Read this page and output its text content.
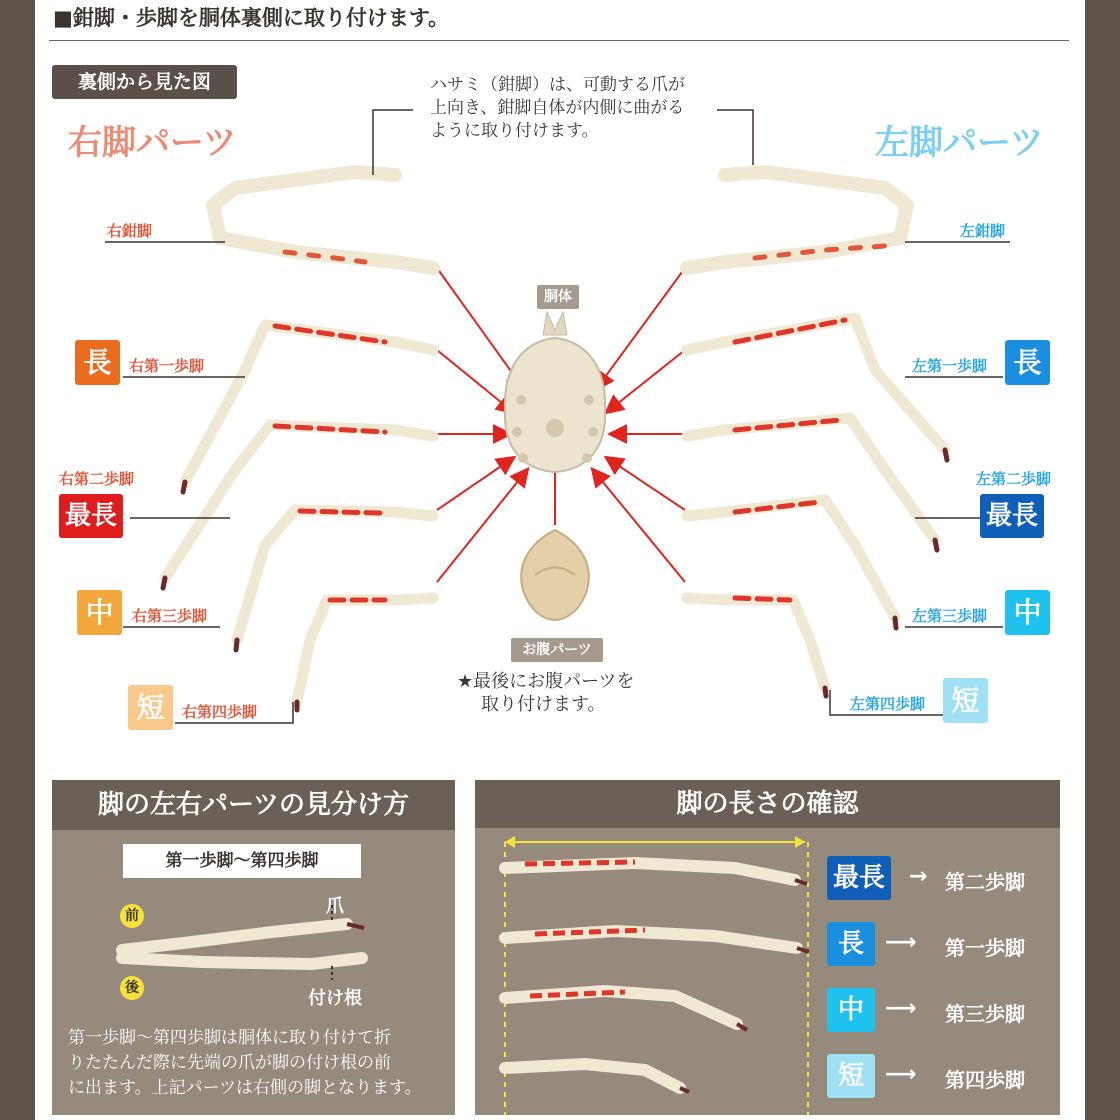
■鉗脚・歩脚を胴体裏側に取り付けます。
裏側から見た図
右脚パーツ	左脚パーツ
ハサミ（鉗脚）は、可動する爪が
上向き、鉗脚自体が内側に曲がる
ように取り付けます。
胴体
お腹パーツ
★最後にお腹パーツを
取り付けます。
右鉗脚
長	右第一歩脚
右第二歩脚
最長
中	右第三歩脚
短	右第四歩脚
左鉗脚
左第一歩脚 長
左第二歩脚
最長
左第三歩脚 中
左第四歩脚 短
脚の左右パーツの見分け方
第一歩脚〜第四歩脚
前
後
爪
付け根
第一歩脚〜第四歩脚は胴体に取り付けて折
りたたんだ際に先端の爪が脚の付け根の前
に出ます。上記パーツは右側の脚となります。
脚の長さの確認
最長 → 第二歩脚
長 ⟶ 第一歩脚
中 ⟶ 第三歩脚
短 ⟶ 第四歩脚
